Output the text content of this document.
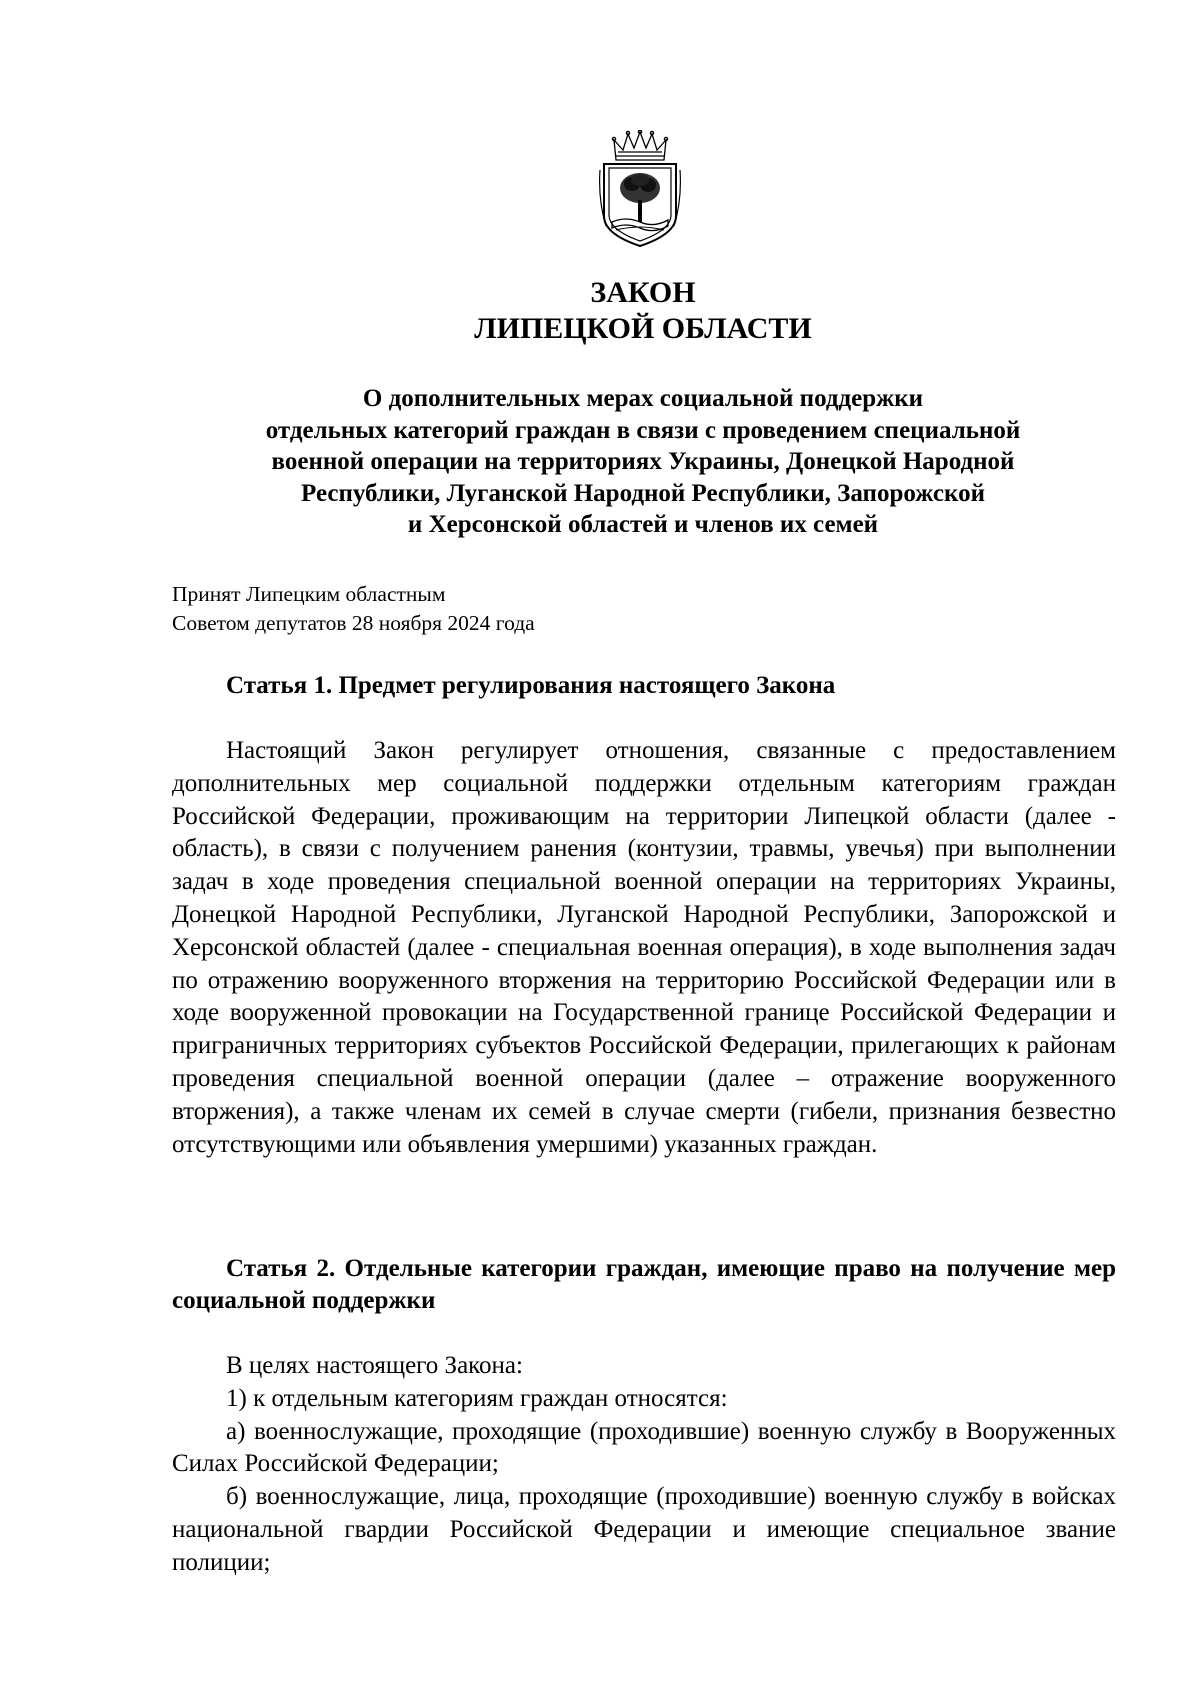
ЗАКОН
ЛИПЕЦКОЙ ОБЛАСТИ
О дополнительных мерах социальной поддержки
отдельных категорий граждан в связи с проведением специальной
военной операции на территориях Украины, Донецкой Народной
Республики, Луганской Народной Республики, Запорожской
и Херсонской областей и членов их семей
Принят Липецким областным
Советом депутатов 28 ноября 2024 года
Статья 1. Предмет регулирования настоящего Закона

Настоящий Закон регулирует отношения, связанные с предоставлением дополнительных мер социальной поддержки отдельным категориям граждан Российской Федерации, проживающим на территории Липецкой области (далее - область), в связи с получением ранения (контузии, травмы, увечья) при выполнении задач в ходе проведения специальной военной операции на территориях Украины, Донецкой Народной Республики, Луганской Народной Республики, Запорожской и Херсонской областей (далее - специальная военная операция), в ходе выполнения задач по отражению вооруженного вторжения на территорию Российской Федерации или в ходе вооруженной провокации на Государственной границе Российской Федерации и приграничных территориях субъектов Российской Федерации, прилегающих к районам проведения специальной военной операции (далее – отражение вооруженного вторжения), а также членам их семей в случае смерти (гибели, признания безвестно отсутствующими или объявления умершими) указанных граждан.

Статья 2. Отдельные категории граждан, имеющие право на получение мер социальной поддержки

В целях настоящего Закона:

1) к отдельным категориям граждан относятся:

а) военнослужащие, проходящие (проходившие) военную службу в Вооруженных Силах Российской Федерации;

б) военнослужащие, лица, проходящие (проходившие) военную службу в войсках национальной гвардии Российской Федерации и имеющие специальное звание полиции;
